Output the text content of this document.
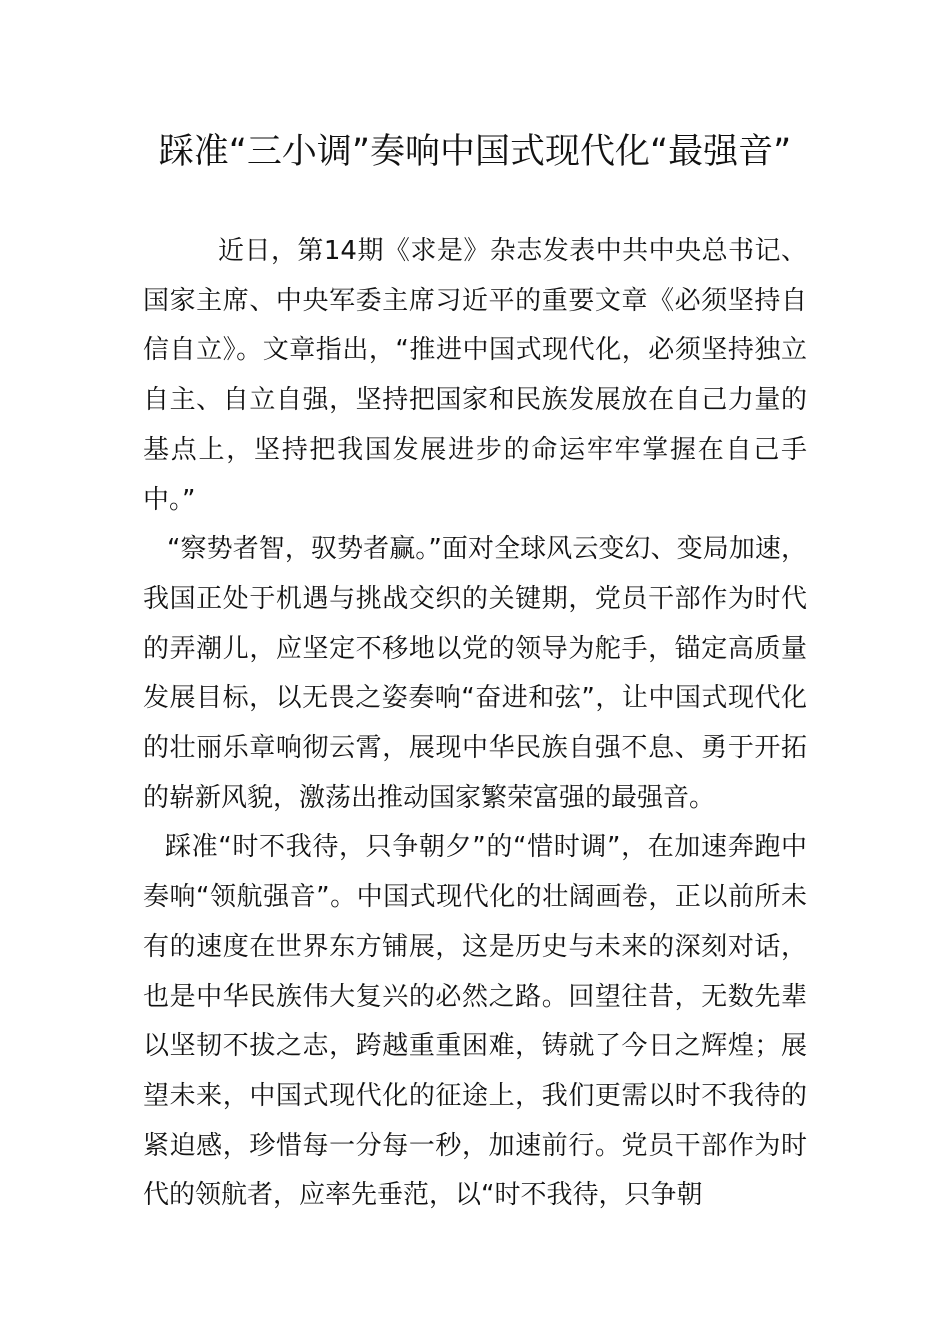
踩准“三小调”奏响中国式现代化“最强音”

近日，第14期《求是》杂志发表中共中央总书记、国家主席、中央军委主席习近平的重要文章《必须坚持自信自立》。文章指出，“推进中国式现代化，必须坚持独立自主、自立自强，坚持把国家和民族发展放在自己力量的基点上，坚持把我国发展进步的命运牢牢掌握在自己手中。”

“察势者智，驭势者赢。”面对全球风云变幻、变局加速，我国正处于机遇与挑战交织的关键期，党员干部作为时代的弄潮儿，应坚定不移地以党的领导为舵手，锚定高质量发展目标，以无畏之姿奏响“奋进和弦”，让中国式现代化的壮丽乐章响彻云霄，展现中华民族自强不息、勇于开拓的崭新风貌，激荡出推动国家繁荣富强的最强音。

踩准“时不我待，只争朝夕”的“惜时调”，在加速奔跑中奏响“领航强音”。中国式现代化的壮阔画卷，正以前所未有的速度在世界东方铺展，这是历史与未来的深刻对话，也是中华民族伟大复兴的必然之路。回望往昔，无数先辈以坚韧不拔之志，跨越重重困难，铸就了今日之辉煌；展望未来，中国式现代化的征途上，我们更需以时不我待的紧迫感，珍惜每一分每一秒，加速前行。党员干部作为时代的领航者，应率先垂范，以“时不我待，只争朝
